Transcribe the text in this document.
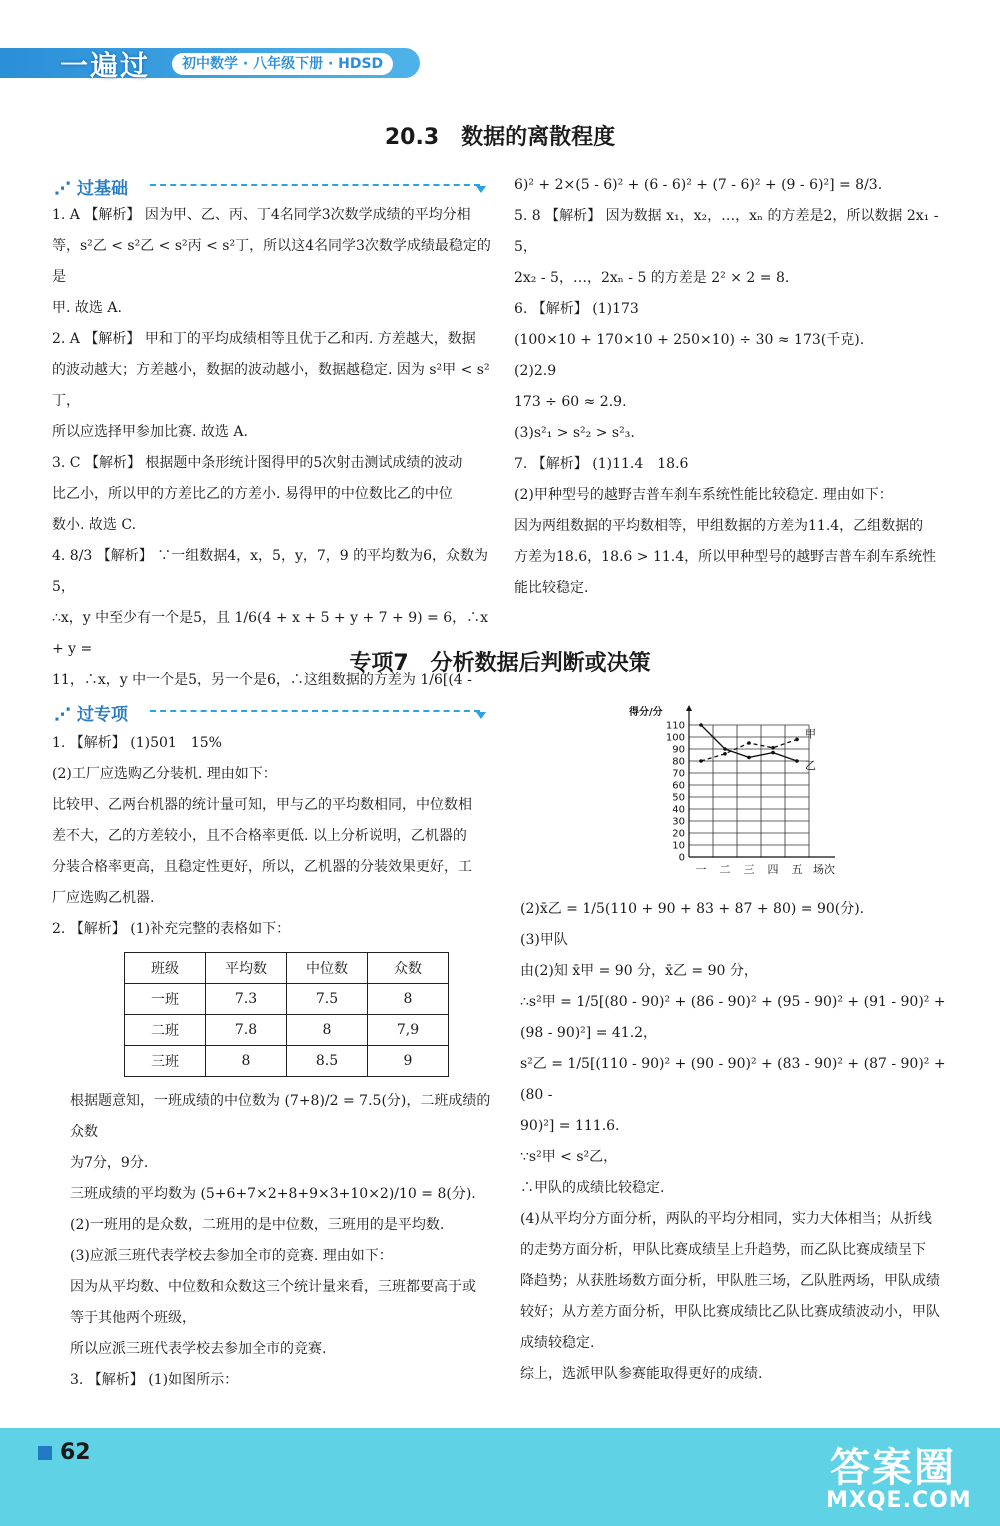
一遍过	初中数学 · 八年级下册 · HDSD
20.3　数据的离散程度
⋰ 过基础

1. A 【解析】 因为甲、乙、丙、丁4名同学3次数学成绩的平均分相

等，s²乙 < s²乙 < s²丙 < s²丁，所以这4名同学3次数学成绩最稳定的是

甲. 故选 A.

2. A 【解析】 甲和丁的平均成绩相等且优于乙和丙. 方差越大，数据

的波动越大；方差越小，数据的波动越小，数据越稳定. 因为 s²甲 < s²丁，

所以应选择甲参加比赛. 故选 A.

3. C 【解析】 根据题中条形统计图得甲的5次射击测试成绩的波动

比乙小，所以甲的方差比乙的方差小. 易得甲的中位数比乙的中位

数小. 故选 C.

4. 8/3 【解析】 ∵一组数据4，x，5，y，7，9 的平均数为6，众数为5，

∴x，y 中至少有一个是5，且 1/6(4 + x + 5 + y + 7 + 9) = 6，∴x + y =

11，∴x，y 中一个是5，另一个是6，∴这组数据的方差为 1/6[(4 -

6)² + 2×(5 - 6)² + (6 - 6)² + (7 - 6)² + (9 - 6)²] = 8/3.

5. 8 【解析】 因为数据 x₁，x₂，…，xₙ 的方差是2，所以数据 2x₁ - 5，

2x₂ - 5，…，2xₙ - 5 的方差是 2² × 2 = 8.

6. 【解析】 (1)173

(100×10 + 170×10 + 250×10) ÷ 30 ≈ 173(千克).

(2)2.9

173 ÷ 60 ≈ 2.9.

(3)s²₁ > s²₂ > s²₃.

7. 【解析】 (1)11.4　18.6

(2)甲种型号的越野吉普车刹车系统性能比较稳定. 理由如下：

因为两组数据的平均数相等，甲组数据的方差为11.4，乙组数据的

方差为18.6，18.6 > 11.4，所以甲种型号的越野吉普车刹车系统性

能比较稳定.

专项7　分析数据后判断或决策
⋰ 过专项

1. 【解析】 (1)501　15%

(2)工厂应选购乙分装机. 理由如下：

比较甲、乙两台机器的统计量可知，甲与乙的平均数相同，中位数相

差不大，乙的方差较小，且不合格率更低. 以上分析说明，乙机器的

分装合格率更高，且稳定性更好，所以，乙机器的分装效果更好，工

厂应选购乙机器.

2. 【解析】 (1)补充完整的表格如下：

班级	平均数	中位数	众数
一班	7.3	7.5	8
二班	7.8	8	7,9
三班	8	8.5	9

根据题意知，一班成绩的中位数为 (7+8)/2 = 7.5(分)，二班成绩的众数

为7分，9分.

三班成绩的平均数为 (5+6+7×2+8+9×3+10×2)/10 = 8(分).

(2)一班用的是众数，二班用的是中位数，三班用的是平均数.

(3)应派三班代表学校去参加全市的竞赛. 理由如下：

因为从平均数、中位数和众数这三个统计量来看，三班都要高于或

等于其他两个班级，

所以应派三班代表学校去参加全市的竞赛.

3. 【解析】 (1)如图所示：

0
10
20
30
40
50
60
70
80
90
100
110
得分/分
一 二 三 四 五 场次
甲
乙

(2)x̄乙 = 1/5(110 + 90 + 83 + 87 + 80) = 90(分).

(3)甲队

由(2)知 x̄甲 = 90 分，x̄乙 = 90 分，

∴s²甲 = 1/5[(80 - 90)² + (86 - 90)² + (95 - 90)² + (91 - 90)² +

(98 - 90)²] = 41.2，

s²乙 = 1/5[(110 - 90)² + (90 - 90)² + (83 - 90)² + (87 - 90)² + (80 -

90)²] = 111.6.

∵s²甲 < s²乙，

∴甲队的成绩比较稳定.

(4)从平均分方面分析，两队的平均分相同，实力大体相当；从折线

的走势方面分析，甲队比赛成绩呈上升趋势，而乙队比赛成绩呈下

降趋势；从获胜场数方面分析，甲队胜三场，乙队胜两场，甲队成绩

较好；从方差方面分析，甲队比赛成绩比乙队比赛成绩波动小，甲队

成绩较稳定.

综上，选派甲队参赛能取得更好的成绩.

62	答案圈
MXQE.COM
